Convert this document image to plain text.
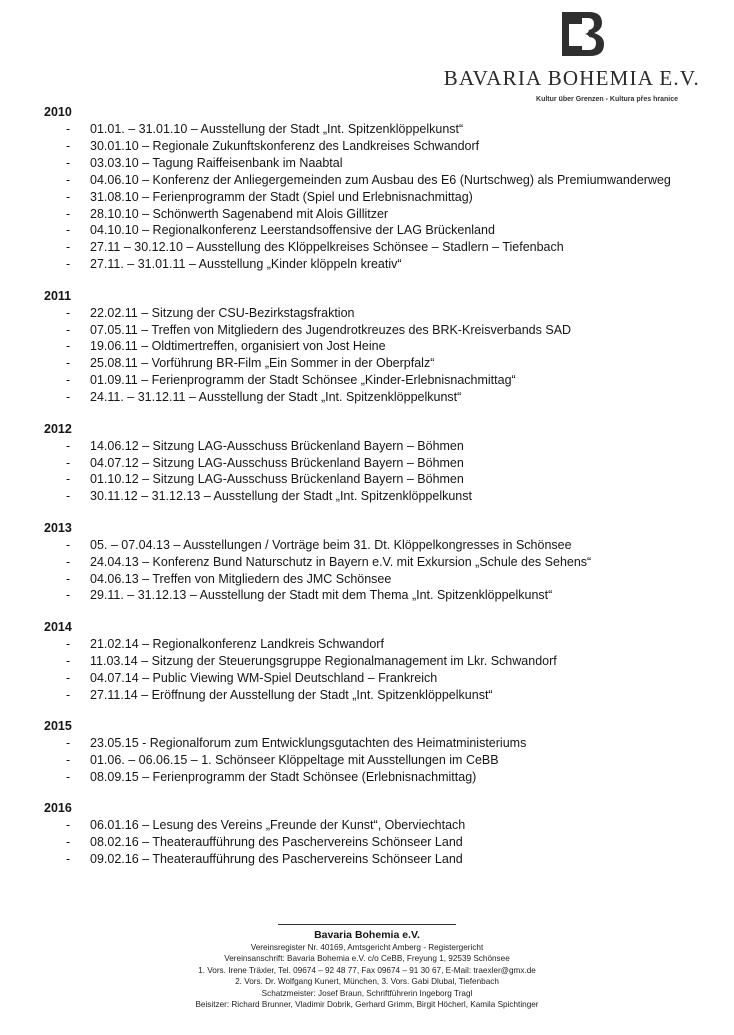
BAVARIA BOHEMIA E.V.
Kultur über Grenzen - Kultura přes hranice
2010
- 01.01. – 31.01.10 – Ausstellung der Stadt „Int. Spitzenklöppelkunst“
- 30.01.10 – Regionale Zukunftskonferenz des Landkreises Schwandorf
- 03.03.10 – Tagung Raiffeisenbank im Naabtal
- 04.06.10 – Konferenz der Anliegergemeinden zum Ausbau des E6 (Nurtschweg) als Premiumwanderweg
- 31.08.10 – Ferienprogramm der Stadt (Spiel und Erlebnisnachmittag)
- 28.10.10 – Schönwerth Sagenabend mit Alois Gillitzer
- 04.10.10 – Regionalkonferenz Leerstandsoffensive der LAG Brückenland
- 27.11 – 30.12.10 – Ausstellung des Klöppelkreises Schönsee – Stadlern – Tiefenbach
- 27.11. – 31.01.11 – Ausstellung „Kinder klöppeln kreativ“
2011
- 22.02.11 – Sitzung der CSU-Bezirkstagsfraktion
- 07.05.11 – Treffen von Mitgliedern des Jugendrotkreuzes des BRK-Kreisverbands SAD
- 19.06.11 – Oldtimertreffen, organisiert von Jost Heine
- 25.08.11 – Vorführung BR-Film „Ein Sommer in der Oberpfalz“
- 01.09.11 – Ferienprogramm der Stadt Schönsee „Kinder-Erlebnisnachmittag“
- 24.11. – 31.12.11 – Ausstellung der Stadt „Int. Spitzenklöppelkunst“
2012
- 14.06.12 – Sitzung LAG-Ausschuss Brückenland Bayern – Böhmen
- 04.07.12 – Sitzung LAG-Ausschuss Brückenland Bayern – Böhmen
- 01.10.12 – Sitzung LAG-Ausschuss Brückenland Bayern – Böhmen
- 30.11.12 – 31.12.13 – Ausstellung der Stadt „Int. Spitzenklöppelkunst
2013
- 05. – 07.04.13 – Ausstellungen / Vorträge beim 31. Dt. Klöppelkongresses in Schönsee
- 24.04.13 – Konferenz Bund Naturschutz in Bayern e.V. mit Exkursion „Schule des Sehens“
- 04.06.13 – Treffen von Mitgliedern des JMC Schönsee
- 29.11. – 31.12.13 – Ausstellung der Stadt mit dem Thema „Int. Spitzenklöppelkunst“
2014
- 21.02.14 – Regionalkonferenz Landkreis Schwandorf
- 11.03.14 – Sitzung der Steuerungsgruppe Regionalmanagement im Lkr. Schwandorf
- 04.07.14 – Public Viewing WM-Spiel Deutschland – Frankreich
- 27.11.14 – Eröffnung der Ausstellung der Stadt „Int. Spitzenklöppelkunst“
2015
- 23.05.15 - Regionalforum zum Entwicklungsgutachten des Heimatministeriums
- 01.06. – 06.06.15 – 1. Schönseer Klöppeltage mit Ausstellungen im CeBB
- 08.09.15 – Ferienprogramm der Stadt Schönsee (Erlebnisnachmittag)
2016
- 06.01.16 – Lesung des Vereins „Freunde der Kunst“, Oberviechtach
- 08.02.16 – Theateraufführung des Paschervereins Schönseer Land
- 09.02.16 – Theateraufführung des Paschervereins Schönseer Land
Bavaria Bohemia e.V.
Vereinsregister Nr. 40169, Amtsgericht Amberg - Registergericht
Vereinsanschrift: Bavaria Bohemia e.V. c/o CeBB, Freyung 1, 92539 Schönsee
1. Vors. Irene Träxler, Tel. 09674 – 92 48 77, Fax 09674 – 91 30 67, E-Mail: traexler@gmx.de
2. Vors. Dr. Wolfgang Kunert, München, 3. Vors. Gabi Dlubal, Tiefenbach
Schatzmeister: Josef Braun, Schriftführerin Ingeborg Tragl
Beisitzer: Richard Brunner, Vladimir Dobrik, Gerhard Grimm, Birgit Höcherl, Kamila Spichtinger
